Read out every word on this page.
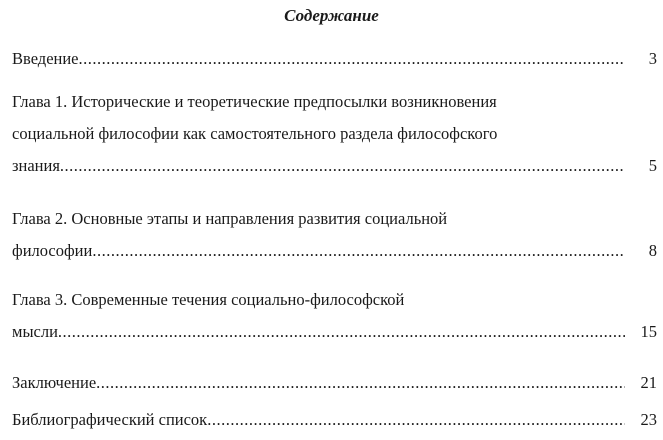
Содержание
Введение .....	3
Глава 1. Исторические и теоретические предпосылки возникновения
социальной философии как самостоятельного раздела философского
знания .....	5
Глава 2. Основные этапы и направления развития социальной
философии .....	8
Глава 3. Современные течения социально-философской
мысли .....	15
Заключение .....	21
Библиографический список .....	23
